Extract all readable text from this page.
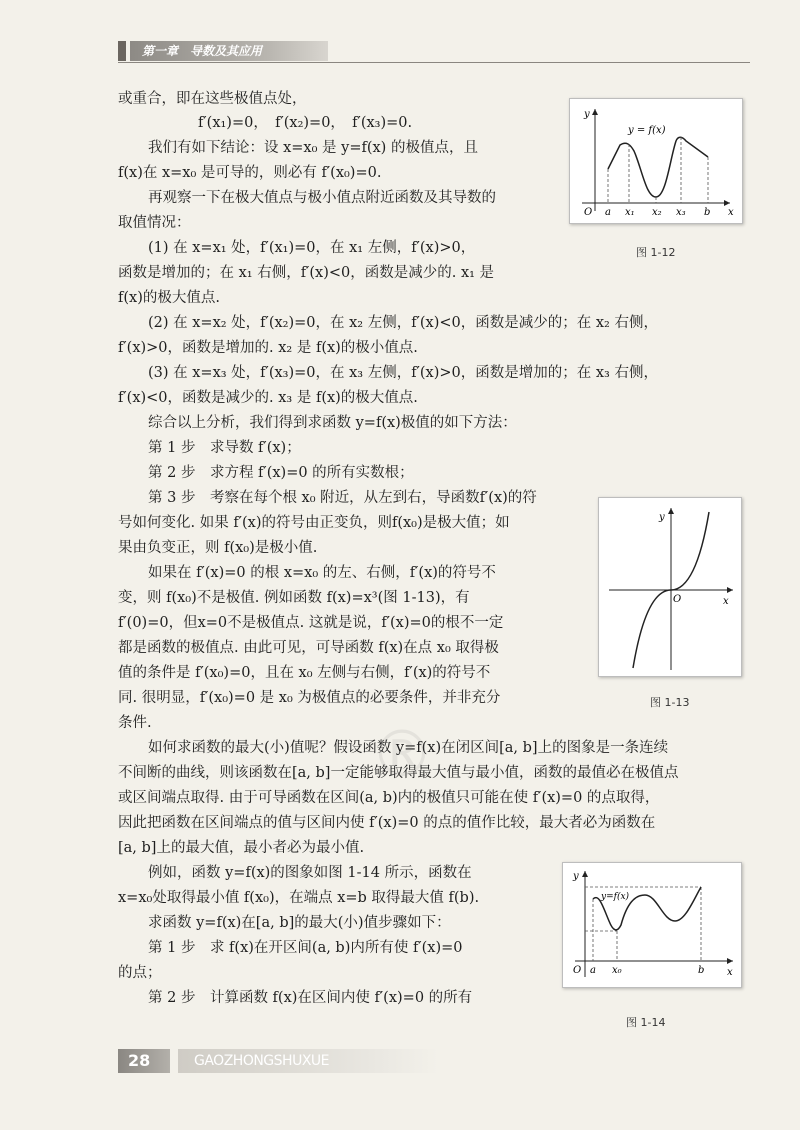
第一章　导数及其应用
或重合，即在这些极值点处，
f′(x₁)=0，　f′(x₂)=0，　f′(x₃)=0.
我们有如下结论：设 x=x₀ 是 y=f(x) 的极值点，且
f(x)在 x=x₀ 是可导的，则必有 f′(x₀)=0.
再观察一下在极大值点与极小值点附近函数及其导数的
取值情况：
(1) 在 x=x₁ 处，f′(x₁)=0，在 x₁ 左侧，f′(x)>0，
函数是增加的；在 x₁ 右侧，f′(x)<0，函数是减少的. x₁ 是
f(x)的极大值点.
(2) 在 x=x₂ 处，f′(x₂)=0，在 x₂ 左侧，f′(x)<0，函数是减少的；在 x₂ 右侧，
f′(x)>0，函数是增加的. x₂ 是 f(x)的极小值点.
(3) 在 x=x₃ 处，f′(x₃)=0，在 x₃ 左侧，f′(x)>0，函数是增加的；在 x₃ 右侧，
f′(x)<0，函数是减少的. x₃ 是 f(x)的极大值点.
综合以上分析，我们得到求函数 y=f(x)极值的如下方法：
第 1 步　求导数 f′(x)；
第 2 步　求方程 f′(x)=0 的所有实数根；
第 3 步　考察在每个根 x₀ 附近，从左到右，导函数f′(x)的符
号如何变化. 如果 f′(x)的符号由正变负，则f(x₀)是极大值；如
果由负变正，则 f(x₀)是极小值.
如果在 f′(x)=0 的根 x=x₀ 的左、右侧，f′(x)的符号不
变，则 f(x₀)不是极值. 例如函数 f(x)=x³(图 1-13)，有
f′(0)=0，但x=0不是极值点. 这就是说，f′(x)=0的根不一定
都是函数的极值点. 由此可见，可导函数 f(x)在点 x₀ 取得极
值的条件是 f′(x₀)=0，且在 x₀ 左侧与右侧，f′(x)的符号不
同. 很明显，f′(x₀)=0 是 x₀ 为极值点的必要条件，并非充分
条件.
如何求函数的最大(小)值呢？假设函数 y=f(x)在闭区间[a, b]上的图象是一条连续
不间断的曲线，则该函数在[a, b]一定能够取得最大值与最小值，函数的最值必在极值点
或区间端点取得. 由于可导函数在区间(a, b)内的极值只可能在使 f′(x)=0 的点取得，
因此把函数在区间端点的值与区间内使 f′(x)=0 的点的值作比较，最大者必为函数在
[a, b]上的最大值，最小者必为最小值.
例如，函数 y=f(x)的图象如图 1-14 所示，函数在
x=x₀处取得最小值 f(x₀)，在端点 x=b 取得最大值 f(b).
求函数 y=f(x)在[a, b]的最大(小)值步骤如下：
第 1 步　求 f(x)在开区间(a, b)内所有使 f′(x)=0
的点；
第 2 步　计算函数 f(x)在区间内使 f′(x)=0 的所有
y
x
O a x₁ x₂ x₃ b
y = f(x)
图 1-12
y
x
O
图 1-13
y
x
O a x₀	b
y=f(x)
图 1-14
®
28	GAOZHONGSHUXUE
